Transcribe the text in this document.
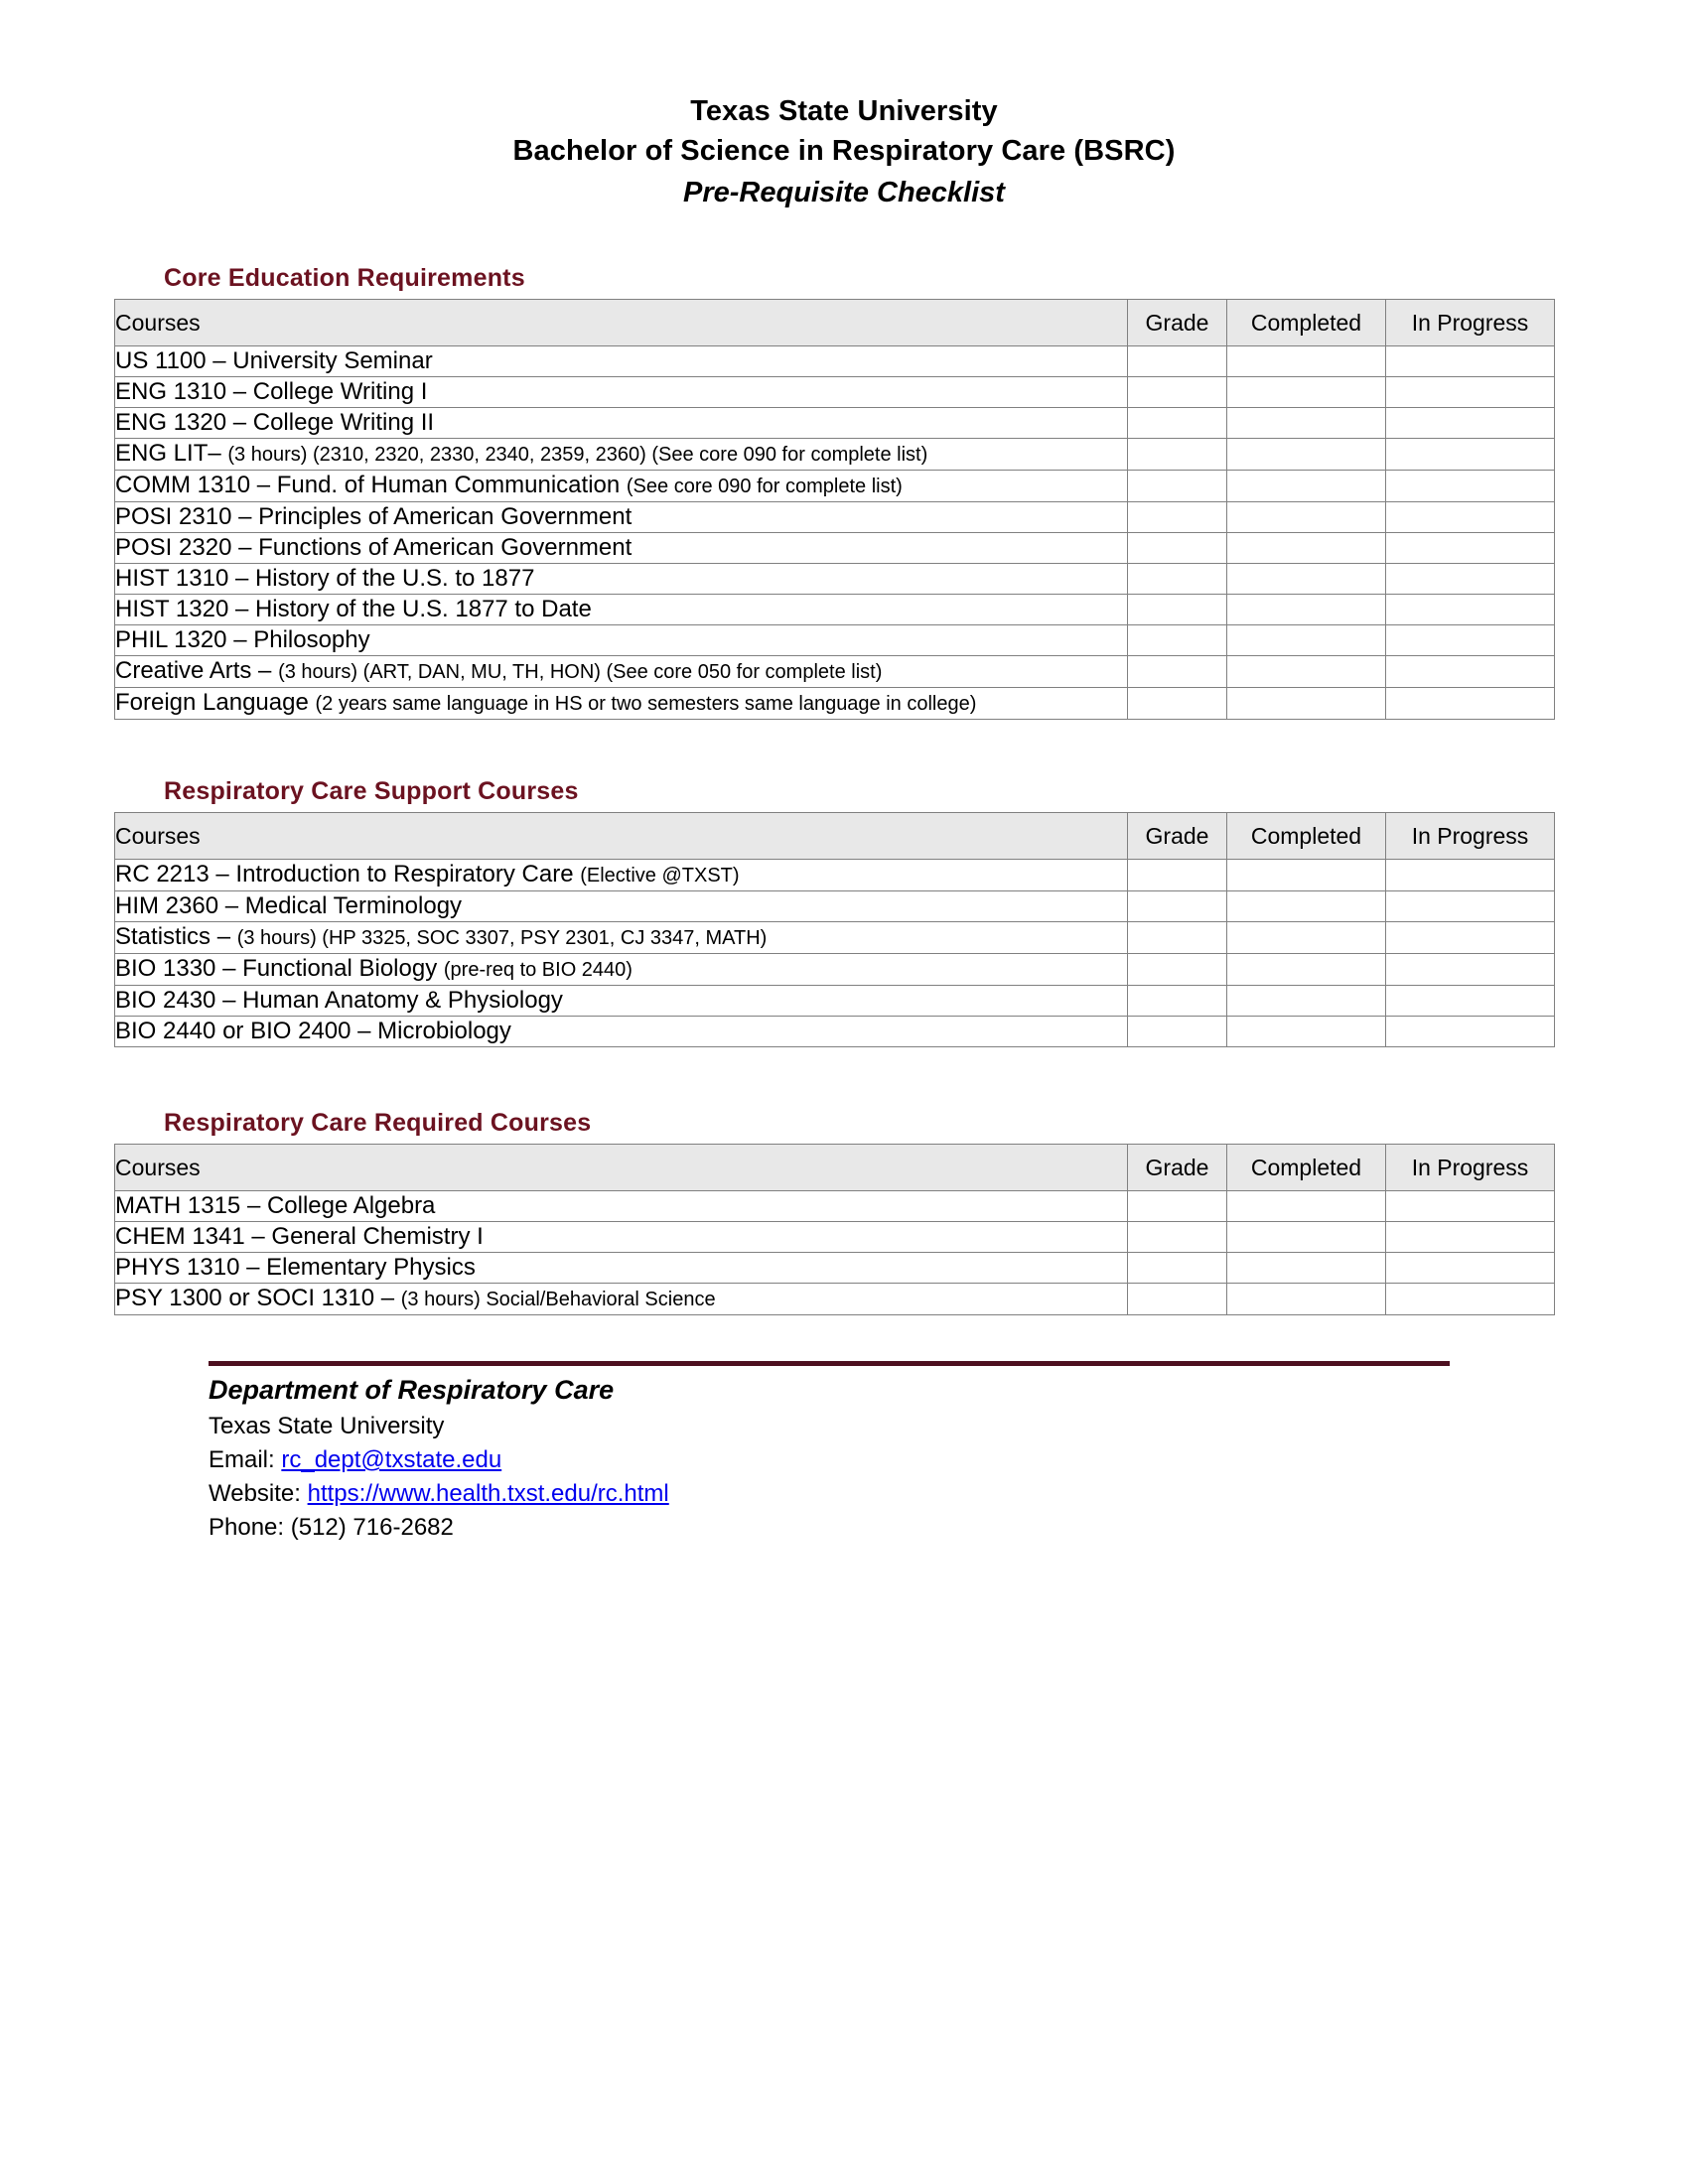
Texas State University
Bachelor of Science in Respiratory Care (BSRC)
Pre-Requisite Checklist
Core Education Requirements
Courses	Grade	Completed	In Progress
US 1100 – University Seminar			
ENG 1310 – College Writing I			
ENG 1320 – College Writing II			
ENG LIT– (3 hours) (2310, 2320, 2330, 2340, 2359, 2360) (See core 090 for complete list)			
COMM 1310 – Fund. of Human Communication (See core 090 for complete list)			
POSI 2310 – Principles of American Government			
POSI 2320 – Functions of American Government			
HIST 1310 – History of the U.S. to 1877			
HIST 1320 – History of the U.S. 1877 to Date			
PHIL 1320 – Philosophy			
Creative Arts – (3 hours) (ART, DAN, MU, TH, HON) (See core 050 for complete list)			
Foreign Language (2 years same language in HS or two semesters same language in college)			
Respiratory Care Support Courses
Courses	Grade	Completed	In Progress
RC 2213 – Introduction to Respiratory Care (Elective @TXST)			
HIM 2360 – Medical Terminology			
Statistics – (3 hours) (HP 3325, SOC 3307, PSY 2301, CJ 3347, MATH)			
BIO 1330 – Functional Biology (pre-req to BIO 2440)			
BIO 2430 – Human Anatomy & Physiology			
BIO 2440 or BIO 2400 – Microbiology			
Respiratory Care Required Courses
Courses	Grade	Completed	In Progress
MATH 1315 – College Algebra			
CHEM 1341 – General Chemistry I			
PHYS 1310 – Elementary Physics			
PSY 1300 or SOCI 1310 – (3 hours) Social/Behavioral Science			
Department of Respiratory Care
Texas State University
Email: rc_dept@txstate.edu
Website: https://www.health.txst.edu/rc.html
Phone: (512) 716-2682
